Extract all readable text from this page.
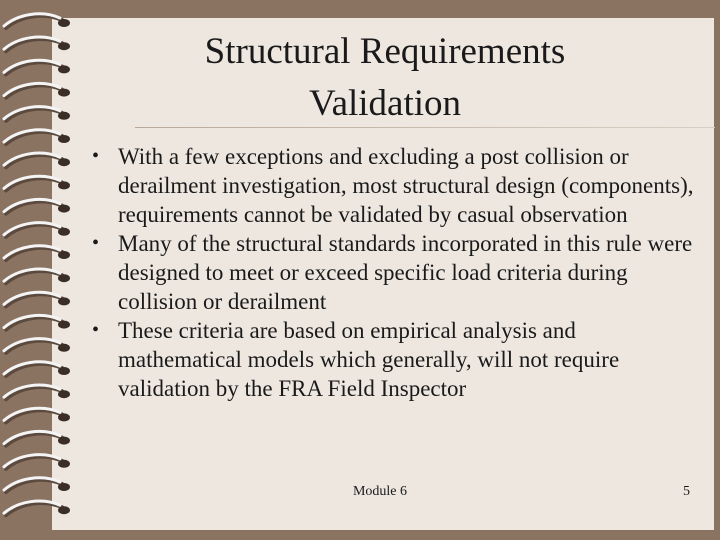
Structural Requirements
Validation
• With a few exceptions and excluding a post collision or derailment investigation, most structural design (components), requirements cannot be validated by casual observation
• Many of the structural standards incorporated in this rule were designed to meet or exceed specific load criteria during collision or derailment
• These criteria are based on empirical analysis and mathematical models which generally, will not require validation by the FRA Field Inspector
Module 6	5
